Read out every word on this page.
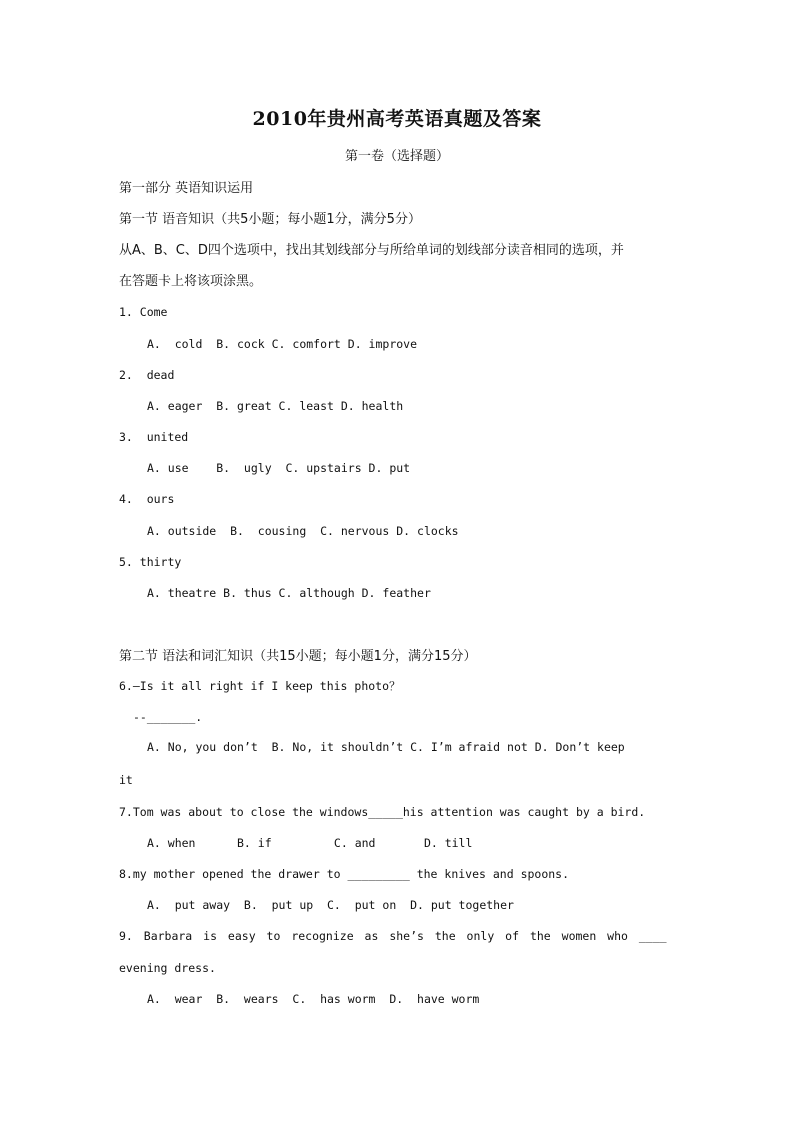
2010年贵州高考英语真题及答案
第一卷（选择题）
第一部分 英语知识运用
第一节 语音知识（共5小题；每小题1分，满分5分）
从A、B、C、D四个选项中，找出其划线部分与所给单词的划线部分读音相同的选项，并
在答题卡上将该项涂黑。
1. Come
A.  cold  B. cock C. comfort D. improve
2.  dead
A. eager  B. great C. least D. health
3.  united
A. use    B.  ugly  C. upstairs D. put
4.  ours
A. outside  B.  cousing  C. nervous D. clocks
5. thirty
A. theatre B. thus C. although D. feather
第二节 语法和词汇知识（共15小题；每小题1分，满分15分）
6.—Is it all right if I keep this photo？
--_______.
A. No, you don’t  B. No, it shouldn’t C. I’m afraid not D. Don’t keep
it
7.Tom was about to close the windows_____his attention was caught by a bird.
A. when      B. if         C. and       D. till
8.my mother opened the drawer to _________ the knives and spoons.
A.  put away  B.  put up  C.  put on  D. put together
9. Barbara is easy to recognize as she’s the only of the women who ____
evening dress.
A.  wear  B.  wears  C.  has worm  D.  have worm
